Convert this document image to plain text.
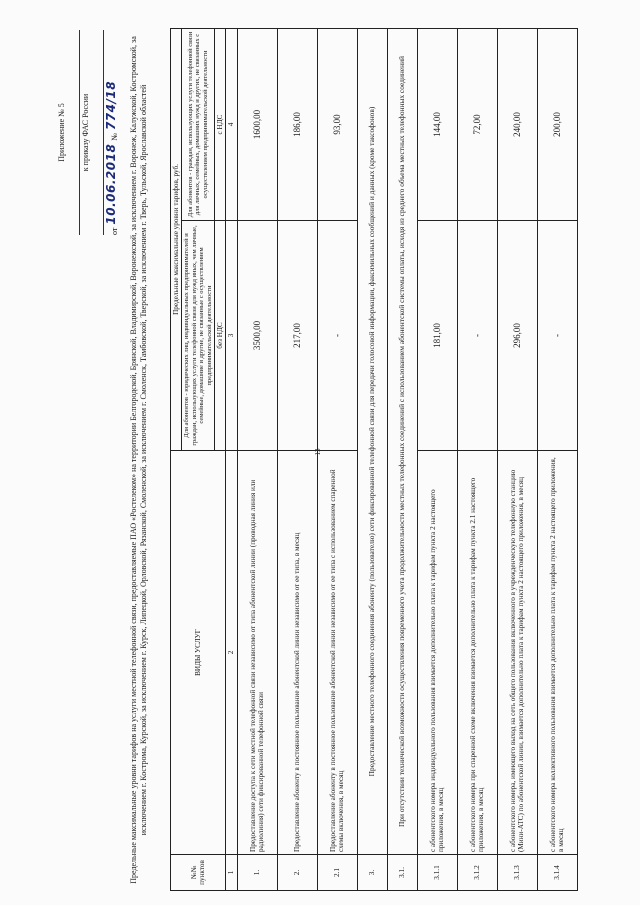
13
Приложение № 5 к приказу ФАС России
от
10.06.2018
№
774/18 Предельные максимальные уровни тарифов на услуги местной телефонной связи, предоставляемые ПАО «Ростелеком» на территории Белгородской, Брянской, Владимирской, Воронежской, за исключением г. Воронеж, Калужской, Костромской, за исключением г. Кострома, Курской, за исключением г. Курск, Липецкой, Орловской, Рязанской, Смоленской, за исключением г. Смоленск, Тамбовской, Тверской, за исключением г. Тверь, Тульской, Ярославской областей
№№ пунктов	ВИДЫ УСЛУГ	Предельные максимальные уровни тарифов, руб.	
		Для абонентов - юридических лиц, индивидуальных предпринимателей и граждан, использующих услуги телефонной связи для нужд иных, чем личные, семейные, домашние и другие, не связанные с осуществлением предпринимательской деятельности	Для абонентов - граждан, использующих услуги телефонной связи для личных, семейных, домашних нужд и других, не связанных с осуществлением предпринимательской деятельности
		без НДС	с НДС
1	2	3	4
1.	Предоставление доступа к сети местной телефонной связи независимо от типа абонентской линии (проводная линия или радиолиния) сети фиксированной телефонной связи	3500,00	1600,00
2.	Предоставление абоненту в постоянное пользование абонентской линии независимо от ее типа, в месяц	217,00	186,00
2.1	Предоставление абоненту в постоянное пользование абонентской линии независимо от ее типа с использованием спаренной схемы включения, в месяц	-	93,00
3.	Предоставление местного телефонного соединения абоненту (пользователю) сети фиксированной телефонной связи для передачи голосовой информации, факсимильных сообщений и данных (кроме таксофонов)		
3.1.	При отсутствии технической возможности осуществления повременного учета продолжительности местных телефонных соединений с использованием абонентской системы оплаты, исходя из среднего объема местных телефонных соединений		
3.1.1	с абонентского номера индивидуального пользования взимается дополнительно плата к тарифам пункта 2 настоящего приложения, в месяц	181,00	144,00
3.1.2	с абонентского номера при спаренной схеме включения взимается дополнительно плата к тарифам пункта 2.1 настоящего приложения, в месяц	-	72,00
3.1.3	с абонентского номера, имеющего выход на сеть общего пользования включенного в учрежденческую телефонную станцию (Мини-АТС) по абонентской линии, взимается дополнительно плата к тарифам пункта 2 настоящего приложения, в месяц	296,00	240,00
3.1.4	с абонентского номера коллективного пользования взимается дополнительно плата к тарифам пункта 2 настоящего приложения, в месяц	-	200,00
